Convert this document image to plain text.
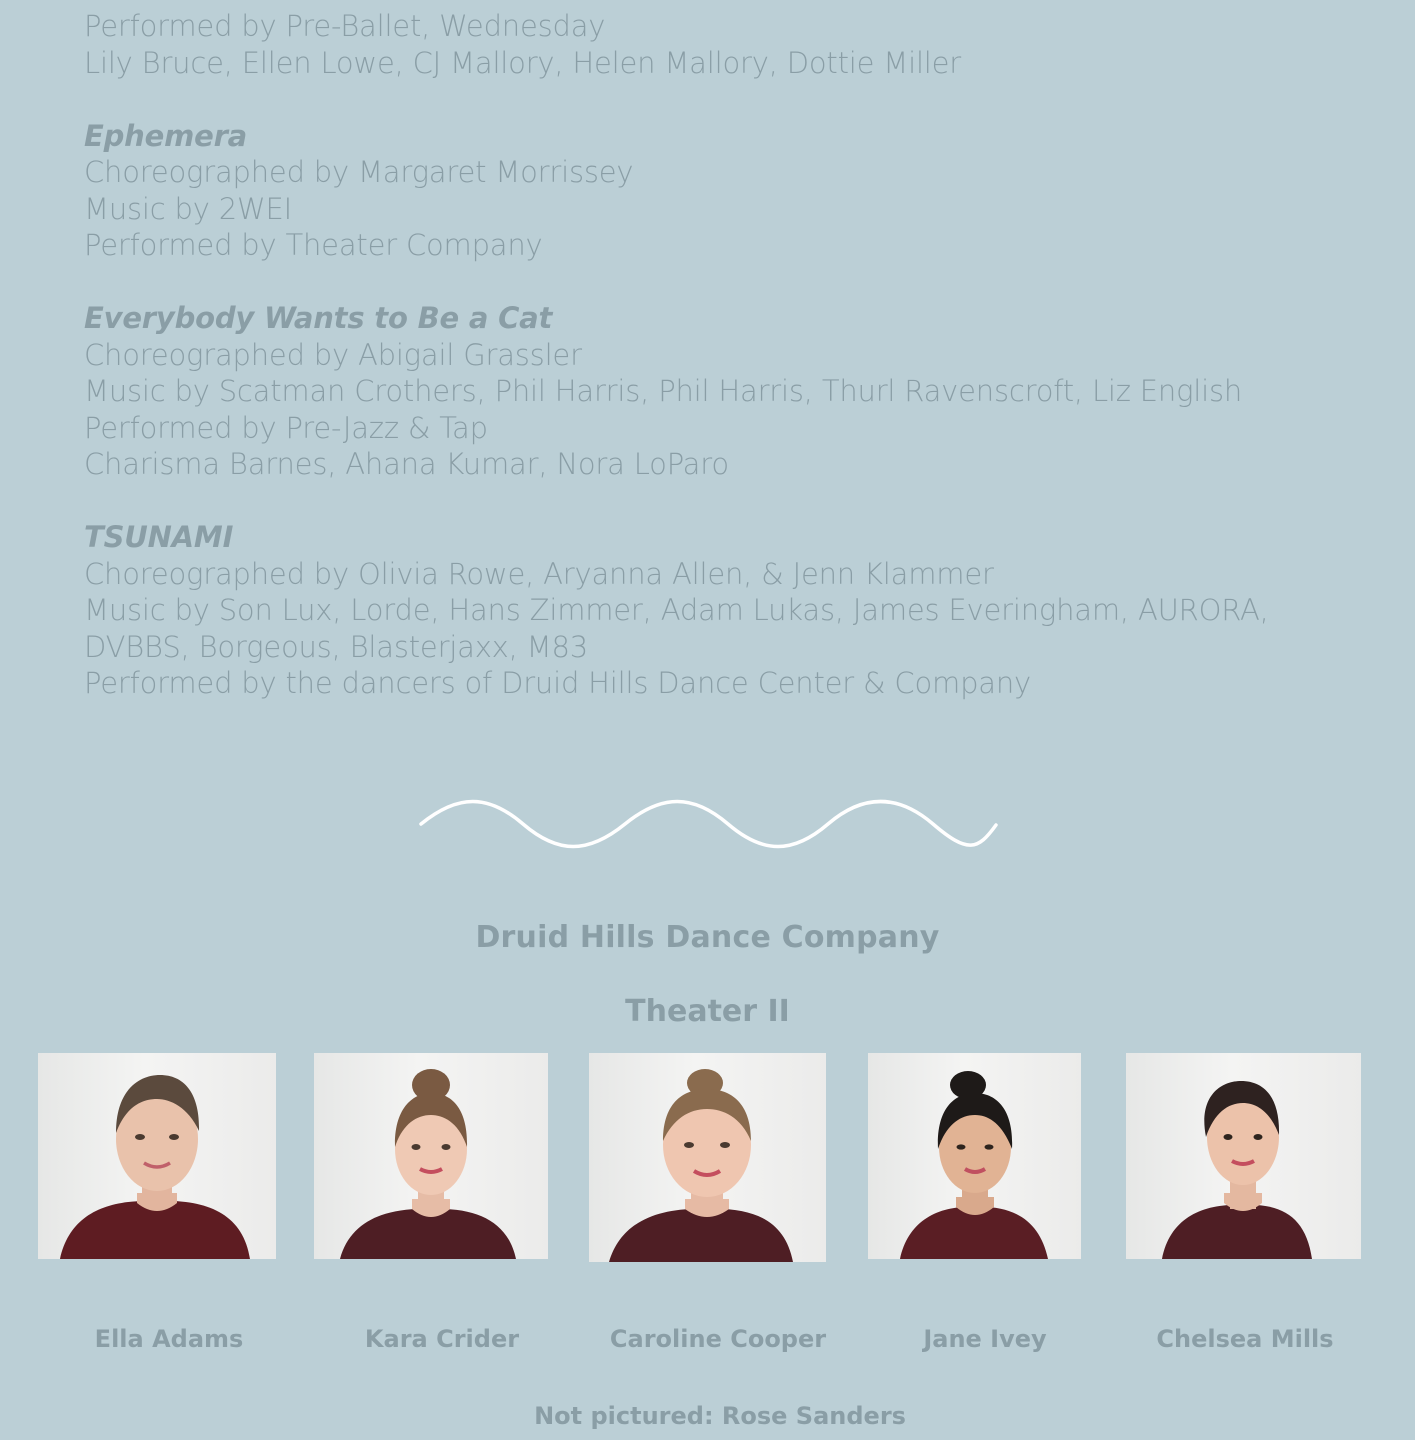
Performed by Pre-Ballet, Wednesday
Lily Bruce, Ellen Lowe, CJ Mallory, Helen Mallory, Dottie Miller
Ephemera
Choreographed by Margaret Morrissey
Music by 2WEI
Performed by Theater Company
Everybody Wants to Be a Cat
Choreographed by Abigail Grassler
Music by Scatman Crothers, Phil Harris, Phil Harris, Thurl Ravenscroft, Liz English
Performed by Pre-Jazz & Tap
Charisma Barnes, Ahana Kumar, Nora LoParo
TSUNAMI
Choreographed by Olivia Rowe, Aryanna Allen, & Jenn Klammer
Music by Son Lux, Lorde, Hans Zimmer, Adam Lukas, James Everingham, AURORA,
DVBBS, Borgeous, Blasterjaxx, M83
Performed by the dancers of Druid Hills Dance Center & Company
Druid Hills Dance Company
Theater II
Ella Adams	Kara Crider	Caroline Cooper	Jane Ivey	Chelsea Mills
Not pictured: Rose Sanders
